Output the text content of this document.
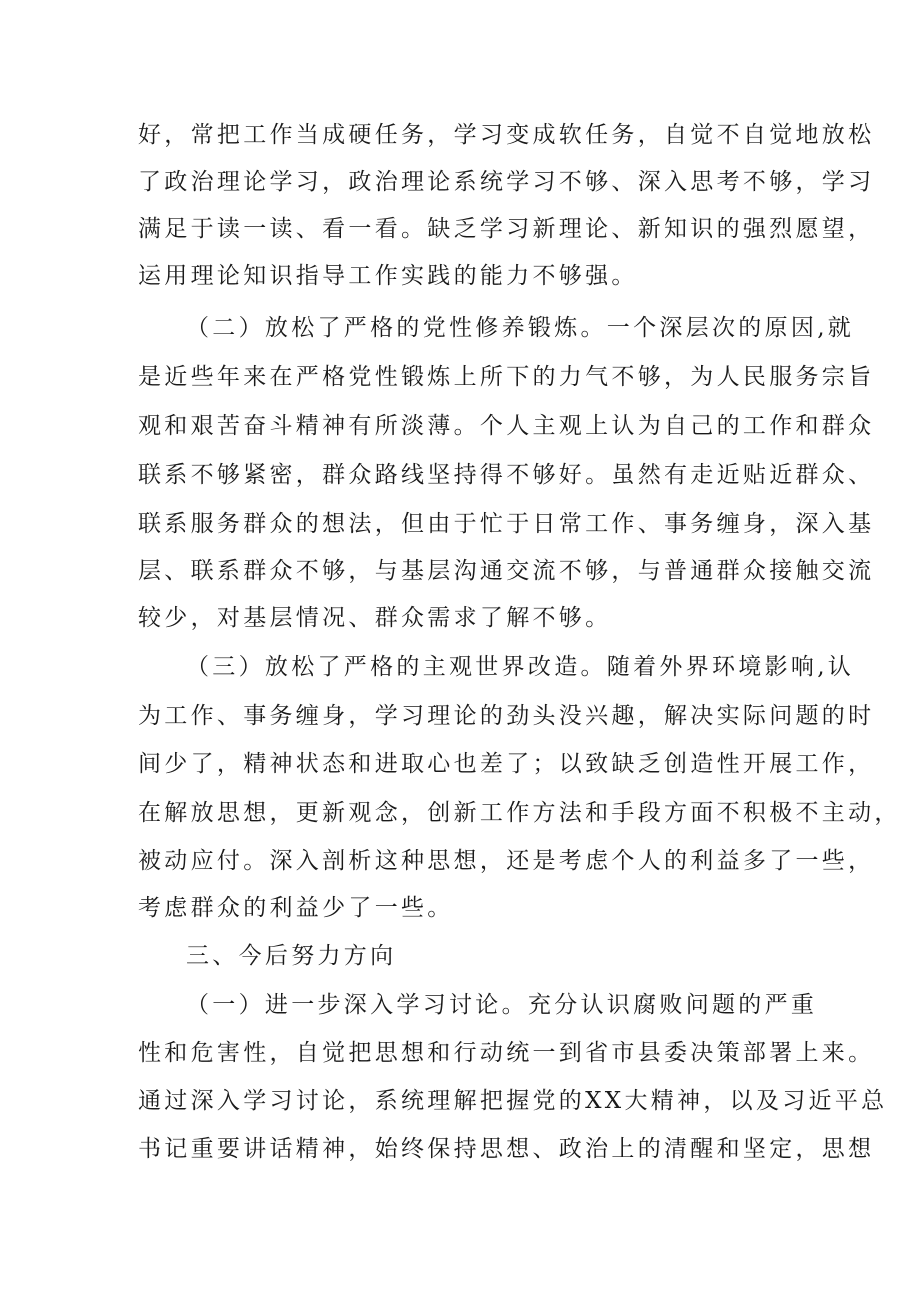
好，常把工作当成硬任务，学习变成软任务，自觉不自觉地放松
了政治理论学习，政治理论系统学习不够、深入思考不够，学习
满足于读一读、看一看。缺乏学习新理论、新知识的强烈愿望，
运用理论知识指导工作实践的能力不够强。
（二）放松了严格的党性修养锻炼。一个深层次的原因,就
是近些年来在严格党性锻炼上所下的力气不够，为人民服务宗旨
观和艰苦奋斗精神有所淡薄。个人主观上认为自己的工作和群众
联系不够紧密，群众路线坚持得不够好。虽然有走近贴近群众、
联系服务群众的想法，但由于忙于日常工作、事务缠身，深入基
层、联系群众不够，与基层沟通交流不够，与普通群众接触交流
较少，对基层情况、群众需求了解不够。
（三）放松了严格的主观世界改造。随着外界环境影响,认
为工作、事务缠身，学习理论的劲头没兴趣，解决实际问题的时
间少了，精神状态和进取心也差了；以致缺乏创造性开展工作，
在解放思想，更新观念，创新工作方法和手段方面不积极不主动，
被动应付。深入剖析这种思想，还是考虑个人的利益多了一些，
考虑群众的利益少了一些。
三、今后努力方向
（一）进一步深入学习讨论。充分认识腐败问题的严重
性和危害性，自觉把思想和行动统一到省市县委决策部署上来。
通过深入学习讨论，系统理解把握党的XX大精神，以及习近平总
书记重要讲话精神，始终保持思想、政治上的清醒和坚定，思想
